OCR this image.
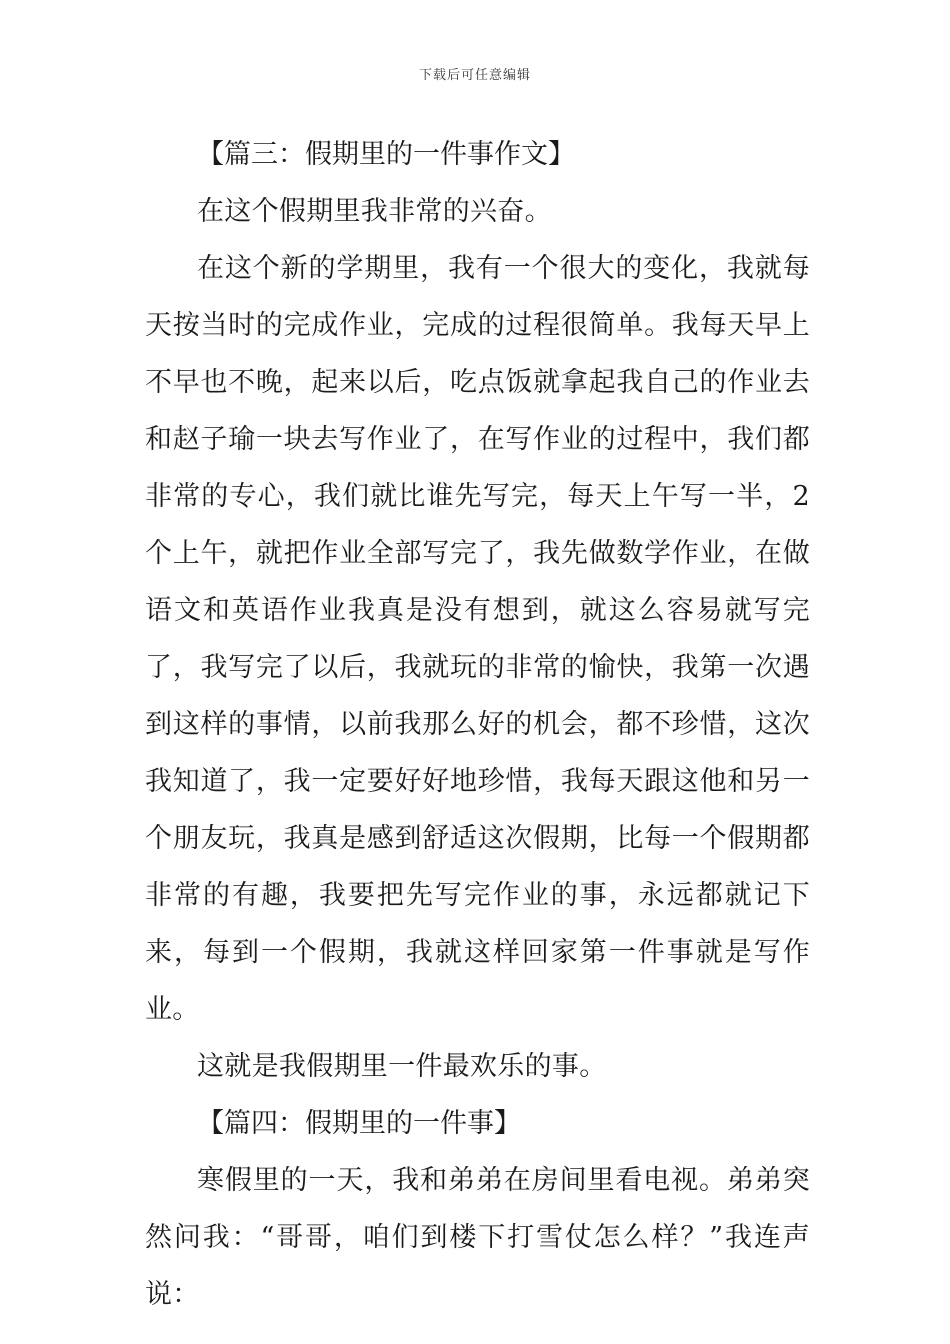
下载后可任意编辑

【篇三：假期里的一件事作文】

在这个假期里我非常的兴奋。

在这个新的学期里，我有一个很大的变化，我就每天按当时的完成作业，完成的过程很简单。我每天早上不早也不晚，起来以后，吃点饭就拿起我自己的作业去和赵子瑜一块去写作业了，在写作业的过程中，我们都非常的专心，我们就比谁先写完，每天上午写一半，2个上午，就把作业全部写完了，我先做数学作业，在做语文和英语作业我真是没有想到，就这么容易就写完了，我写完了以后，我就玩的非常的愉快，我第一次遇到这样的事情，以前我那么好的机会，都不珍惜，这次我知道了，我一定要好好地珍惜，我每天跟这他和另一个朋友玩，我真是感到舒适这次假期，比每一个假期都非常的有趣，我要把先写完作业的事，永远都就记下来，每到一个假期，我就这样回家第一件事就是写作业。

这就是我假期里一件最欢乐的事。

【篇四：假期里的一件事】

寒假里的一天，我和弟弟在房间里看电视。弟弟突然问我：“哥哥，咱们到楼下打雪仗怎么样？”我连声说：
